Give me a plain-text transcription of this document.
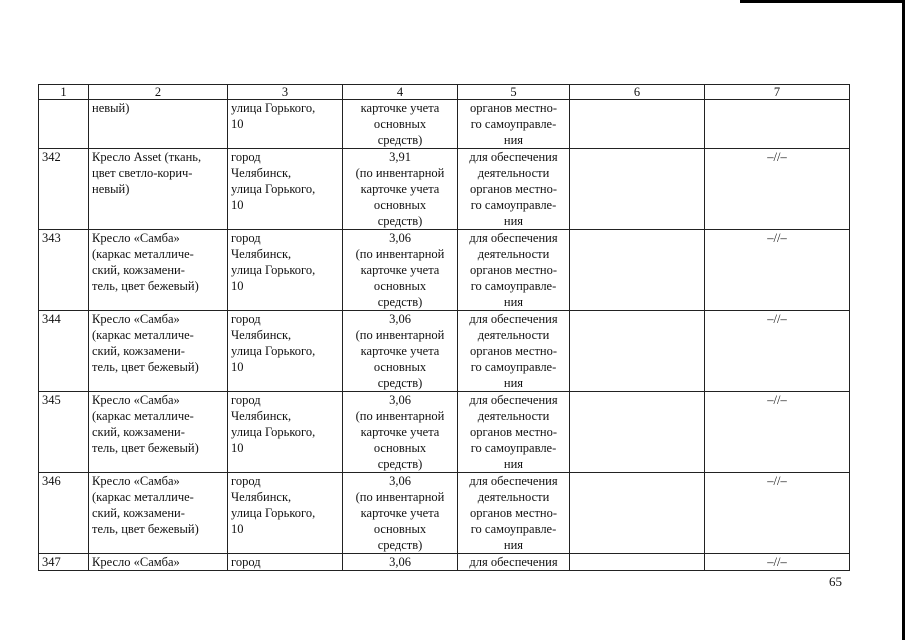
1	2	3	4	5	6	7
	невый)	улица Горького,
10	карточке учета
основных
средств)	органов местно-
го самоуправле-
ния		
342	Кресло Asset (ткань,
цвет светло-корич-
невый)	город
Челябинск,
улица Горького,
10	3,91
(по инвентарной
карточке учета
основных
средств)	для обеспечения
деятельности
органов местно-
го самоуправле-
ния		–//–
343	Кресло «Самба»
(каркас металличе-
ский, кожзамени-
тель, цвет бежевый)	город
Челябинск,
улица Горького,
10	3,06
(по инвентарной
карточке учета
основных
средств)	для обеспечения
деятельности
органов местно-
го самоуправле-
ния		–//–
344	Кресло «Самба»
(каркас металличе-
ский, кожзамени-
тель, цвет бежевый)	город
Челябинск,
улица Горького,
10	3,06
(по инвентарной
карточке учета
основных
средств)	для обеспечения
деятельности
органов местно-
го самоуправле-
ния		–//–
345	Кресло «Самба»
(каркас металличе-
ский, кожзамени-
тель, цвет бежевый)	город
Челябинск,
улица Горького,
10	3,06
(по инвентарной
карточке учета
основных
средств)	для обеспечения
деятельности
органов местно-
го самоуправле-
ния		–//–
346	Кресло «Самба»
(каркас металличе-
ский, кожзамени-
тель, цвет бежевый)	город
Челябинск,
улица Горького,
10	3,06
(по инвентарной
карточке учета
основных
средств)	для обеспечения
деятельности
органов местно-
го самоуправле-
ния		–//–
347	Кресло «Самба»	город	3,06	для обеспечения		–//–
65
